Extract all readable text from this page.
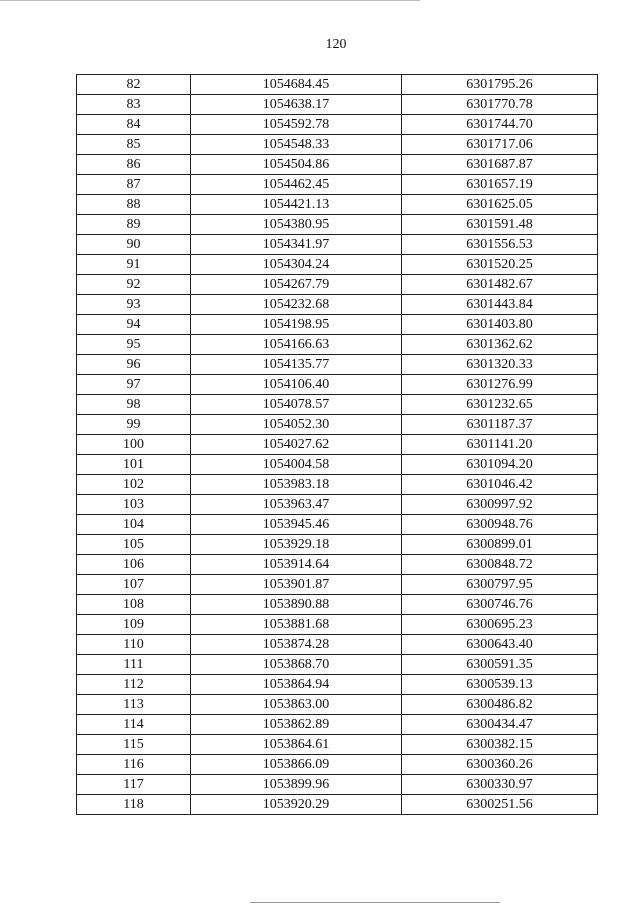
120
82	1054684.45	6301795.26
83	1054638.17	6301770.78
84	1054592.78	6301744.70
85	1054548.33	6301717.06
86	1054504.86	6301687.87
87	1054462.45	6301657.19
88	1054421.13	6301625.05
89	1054380.95	6301591.48
90	1054341.97	6301556.53
91	1054304.24	6301520.25
92	1054267.79	6301482.67
93	1054232.68	6301443.84
94	1054198.95	6301403.80
95	1054166.63	6301362.62
96	1054135.77	6301320.33
97	1054106.40	6301276.99
98	1054078.57	6301232.65
99	1054052.30	6301187.37
100	1054027.62	6301141.20
101	1054004.58	6301094.20
102	1053983.18	6301046.42
103	1053963.47	6300997.92
104	1053945.46	6300948.76
105	1053929.18	6300899.01
106	1053914.64	6300848.72
107	1053901.87	6300797.95
108	1053890.88	6300746.76
109	1053881.68	6300695.23
110	1053874.28	6300643.40
111	1053868.70	6300591.35
112	1053864.94	6300539.13
113	1053863.00	6300486.82
114	1053862.89	6300434.47
115	1053864.61	6300382.15
116	1053866.09	6300360.26
117	1053899.96	6300330.97
118	1053920.29	6300251.56
